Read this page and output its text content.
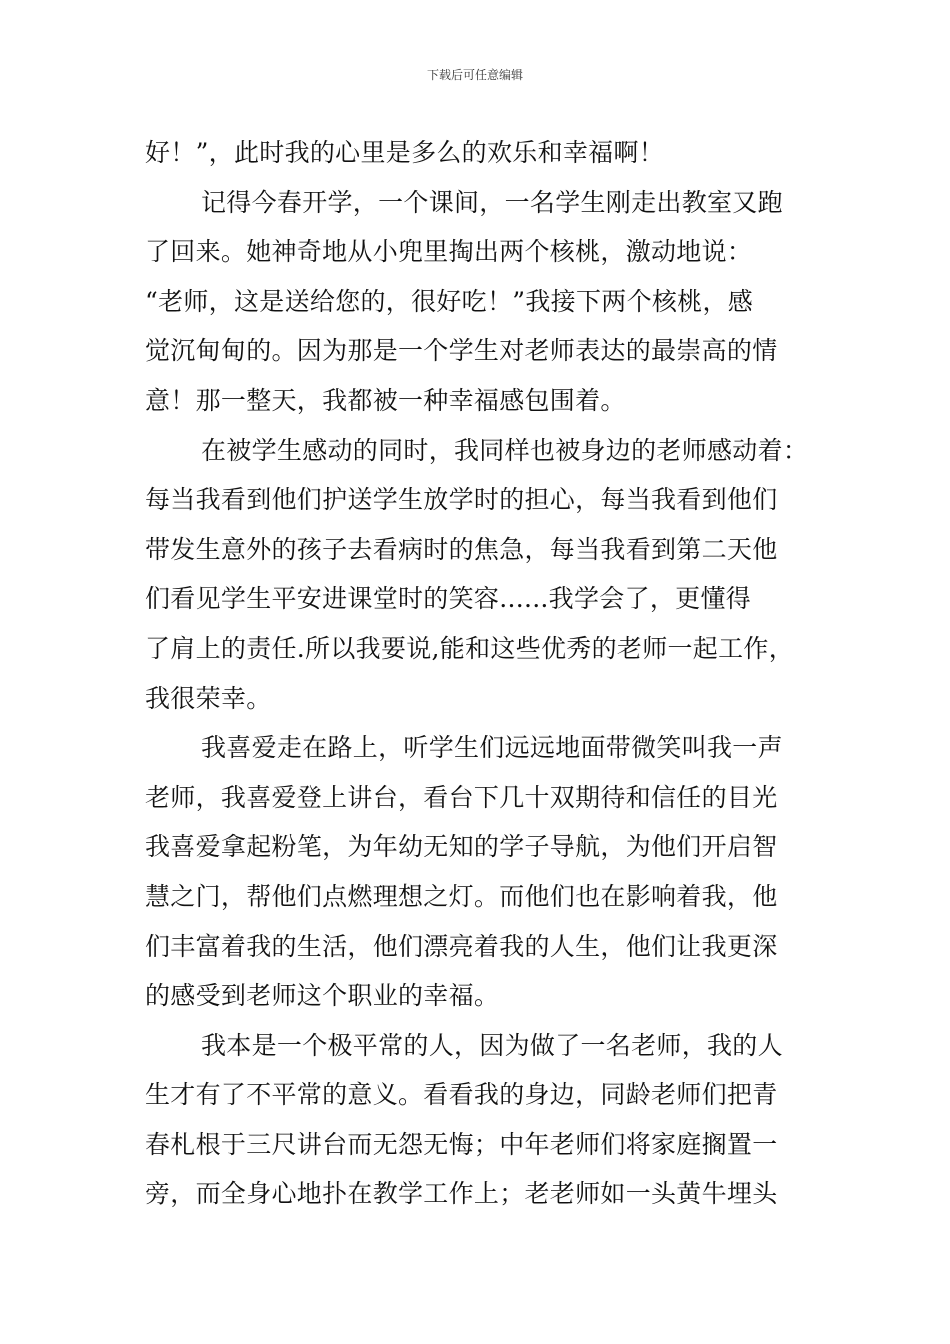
下载后可任意编辑
好！”，此时我的心里是多么的欢乐和幸福啊！
记得今春开学，一个课间，一名学生刚走出教室又跑
了回来。她神奇地从小兜里掏出两个核桃，激动地说：
“老师，这是送给您的，很好吃！”我接下两个核桃，感
觉沉甸甸的。因为那是一个学生对老师表达的最崇高的情
意！那一整天，我都被一种幸福感包围着。
在被学生感动的同时，我同样也被身边的老师感动着：
每当我看到他们护送学生放学时的担心，每当我看到他们
带发生意外的孩子去看病时的焦急，每当我看到第二天他
们看见学生平安进课堂时的笑容......我学会了，更懂得
了肩上的责任.所以我要说,能和这些优秀的老师一起工作，
我很荣幸。
我喜爱走在路上，听学生们远远地面带微笑叫我一声
老师，我喜爱登上讲台，看台下几十双期待和信任的目光
我喜爱拿起粉笔，为年幼无知的学子导航，为他们开启智
慧之门，帮他们点燃理想之灯。而他们也在影响着我，他
们丰富着我的生活，他们漂亮着我的人生，他们让我更深
的感受到老师这个职业的幸福。
我本是一个极平常的人，因为做了一名老师，我的人
生才有了不平常的意义。看看我的身边，同龄老师们把青
春札根于三尺讲台而无怨无悔；中年老师们将家庭搁置一
旁，而全身心地扑在教学工作上；老老师如一头黄牛埋头
